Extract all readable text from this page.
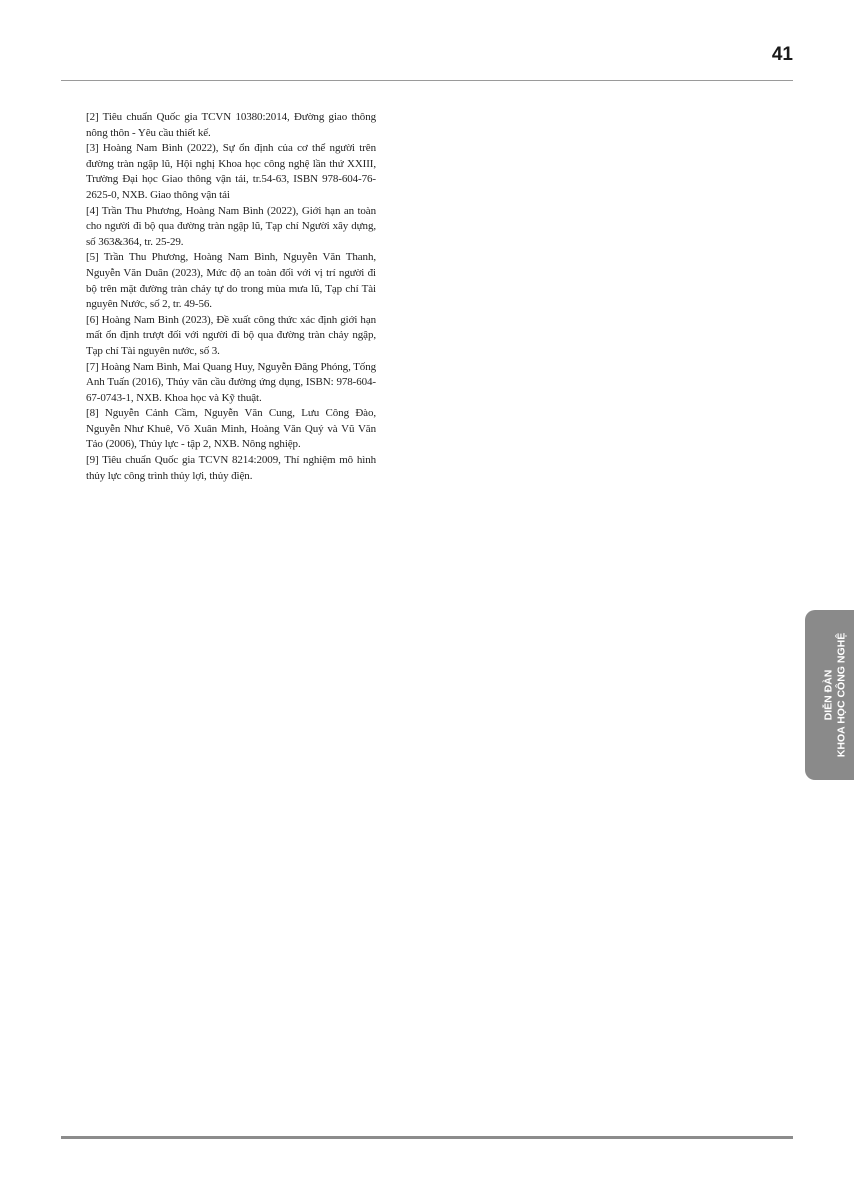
41
[2] Tiêu chuẩn Quốc gia TCVN 10380:2014, Đường giao thông nông thôn - Yêu cầu thiết kế.
[3] Hoàng Nam Bình (2022), Sự ổn định của cơ thể người trên đường tràn ngập lũ, Hội nghị Khoa học công nghệ lần thứ XXIII, Trường Đại học Giao thông vận tải, tr.54-63, ISBN 978-604-76-2625-0, NXB. Giao thông vận tải
[4] Trần Thu Phương, Hoàng Nam Bình (2022), Giới hạn an toàn cho người đi bộ qua đường tràn ngập lũ, Tạp chí Người xây dựng, số 363&364, tr. 25-29.
[5] Trần Thu Phương, Hoàng Nam Bình, Nguyễn Văn Thanh, Nguyễn Văn Duân (2023), Mức độ an toàn đối với vị trí người đi bộ trên mặt đường tràn chảy tự do trong mùa mưa lũ, Tạp chí Tài nguyên Nước, số 2, tr. 49-56.
[6] Hoàng Nam Bình (2023), Đề xuất công thức xác định giới hạn mất ổn định trượt đối với người đi bộ qua đường tràn chảy ngập, Tạp chí Tài nguyên nước, số 3.
[7] Hoàng Nam Bình, Mai Quang Huy, Nguyễn Đăng Phóng, Tống Anh Tuấn (2016), Thủy văn cầu đường ứng dụng, ISBN: 978-604-67-0743-1, NXB. Khoa học và Kỹ thuật.
[8] Nguyễn Cảnh Cầm, Nguyễn Văn Cung, Lưu Công Đào, Nguyễn Như Khuê, Võ Xuân Minh, Hoàng Văn Quý và Vũ Văn Tảo (2006), Thủy lực - tập 2, NXB. Nông nghiệp.
[9] Tiêu chuẩn Quốc gia TCVN 8214:2009, Thí nghiệm mô hình thủy lực công trình thủy lợi, thủy điện.
DIỄN ĐÀN KHOA HỌC CÔNG NGHỆ
